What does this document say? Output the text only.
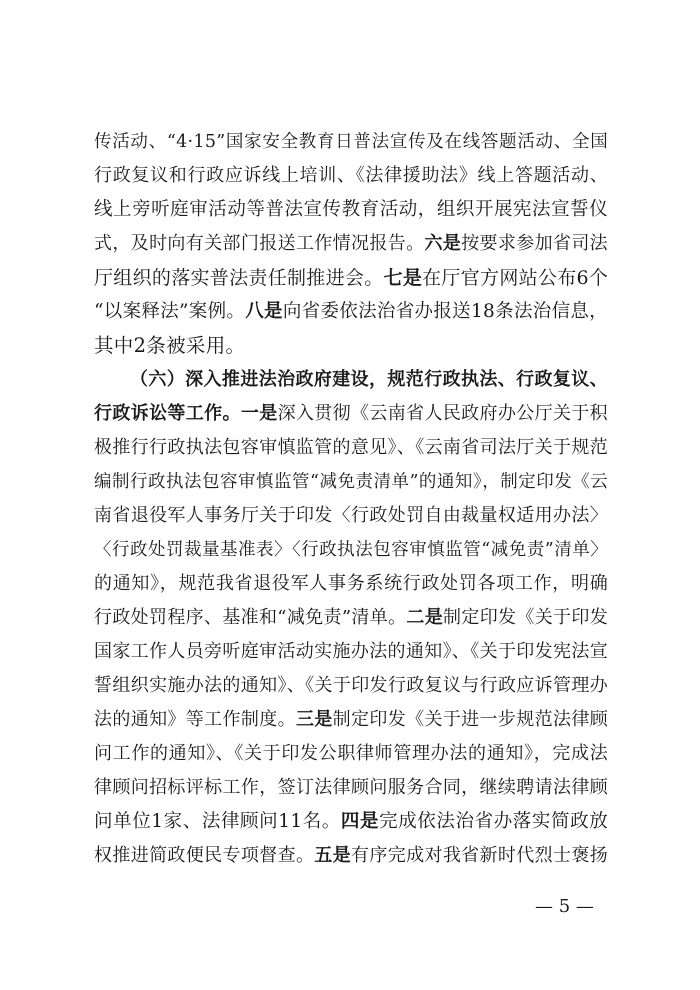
传活动、“4·15”国家安全教育日普法宣传及在线答题活动、全国
行政复议和行政应诉线上培训、《法律援助法》线上答题活动、
线上旁听庭审活动等普法宣传教育活动，组织开展宪法宣誓仪
式，及时向有关部门报送工作情况报告。六是按要求参加省司法
厅组织的落实普法责任制推进会。七是在厅官方网站公布6个
“以案释法”案例。八是向省委依法治省办报送18条法治信息，
其中2条被采用。
（六）深入推进法治政府建设，规范行政执法、行政复议、
行政诉讼等工作。一是深入贯彻《云南省人民政府办公厅关于积
极推行行政执法包容审慎监管的意见》、《云南省司法厅关于规范
编制行政执法包容审慎监管“减免责清单”的通知》，制定印发《云
南省退役军人事务厅关于印发〈行政处罚自由裁量权适用办法〉
〈行政处罚裁量基准表〉〈行政执法包容审慎监管“减免责”清单〉
的通知》，规范我省退役军人事务系统行政处罚各项工作，明确
行政处罚程序、基准和“减免责”清单。二是制定印发《关于印发
国家工作人员旁听庭审活动实施办法的通知》、《关于印发宪法宣
誓组织实施办法的通知》、《关于印发行政复议与行政应诉管理办
法的通知》等工作制度。三是制定印发《关于进一步规范法律顾
问工作的通知》、《关于印发公职律师管理办法的通知》，完成法
律顾问招标评标工作，签订法律顾问服务合同，继续聘请法律顾
问单位1家、法律顾问11名。四是完成依法治省办落实简政放
权推进简政便民专项督查。五是有序完成对我省新时代烈士褒扬
— 5 —
